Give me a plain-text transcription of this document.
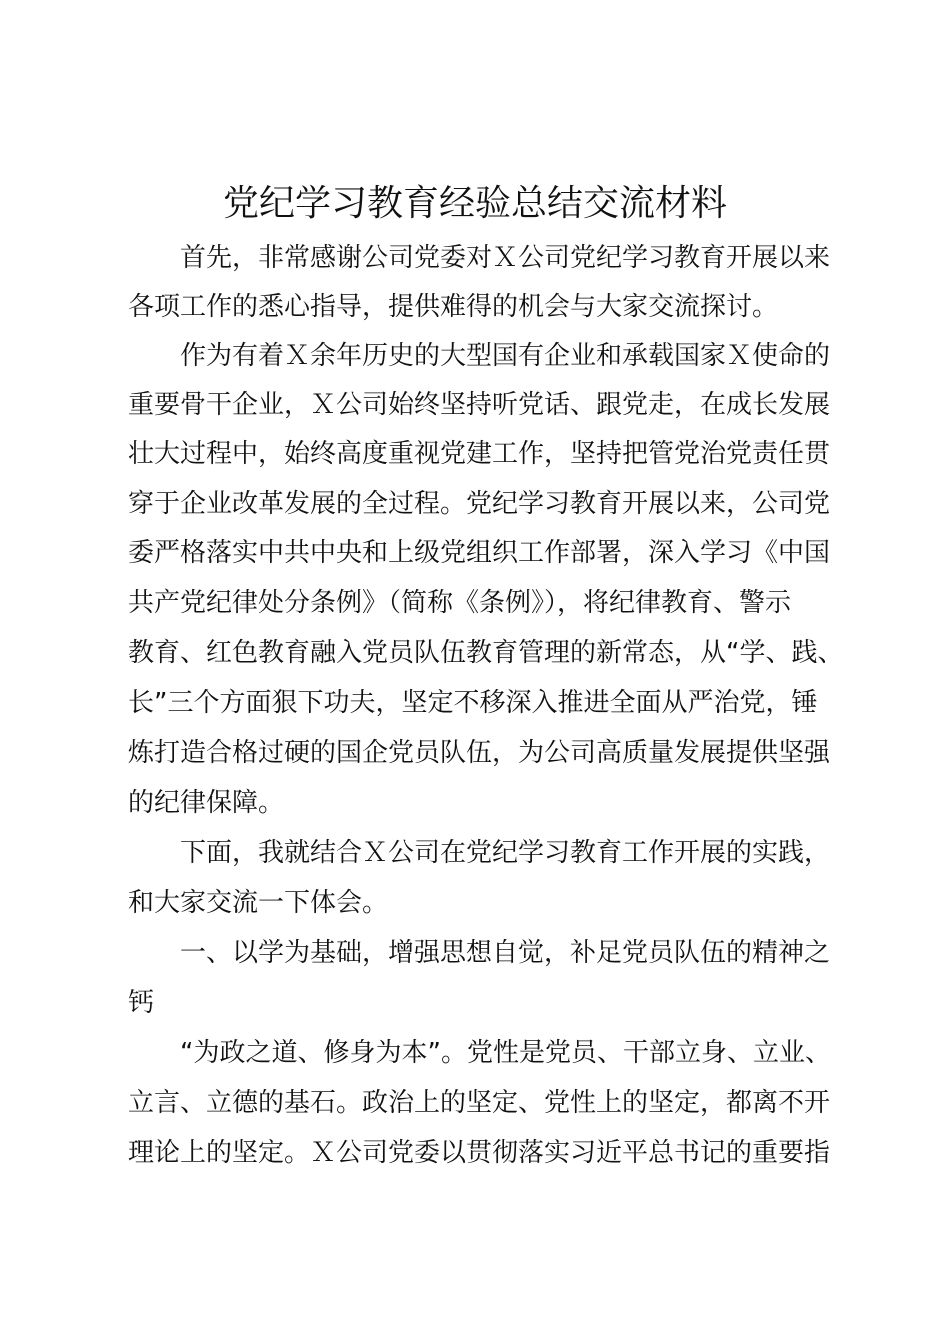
党纪学习教育经验总结交流材料

首先，非常感谢公司党委对Ｘ公司党纪学习教育开展以来

各项工作的悉心指导，提供难得的机会与大家交流探讨。

作为有着Ｘ余年历史的大型国有企业和承载国家Ｘ使命的

重要骨干企业，Ｘ公司始终坚持听党话、跟党走，在成长发展

壮大过程中，始终高度重视党建工作，坚持把管党治党责任贯

穿于企业改革发展的全过程。党纪学习教育开展以来，公司党

委严格落实中共中央和上级党组织工作部署，深入学习《中国

共产党纪律处分条例》（简称《条例》），将纪律教育、警示

教育、红色教育融入党员队伍教育管理的新常态，从“学、践、

长”三个方面狠下功夫，坚定不移深入推进全面从严治党，锤

炼打造合格过硬的国企党员队伍，为公司高质量发展提供坚强

的纪律保障。

下面，我就结合Ｘ公司在党纪学习教育工作开展的实践，

和大家交流一下体会。

一、以学为基础，增强思想自觉，补足党员队伍的精神之

钙

“为政之道、修身为本”。党性是党员、干部立身、立业、

立言、立德的基石。政治上的坚定、党性上的坚定，都离不开

理论上的坚定。Ｘ公司党委以贯彻落实习近平总书记的重要指
